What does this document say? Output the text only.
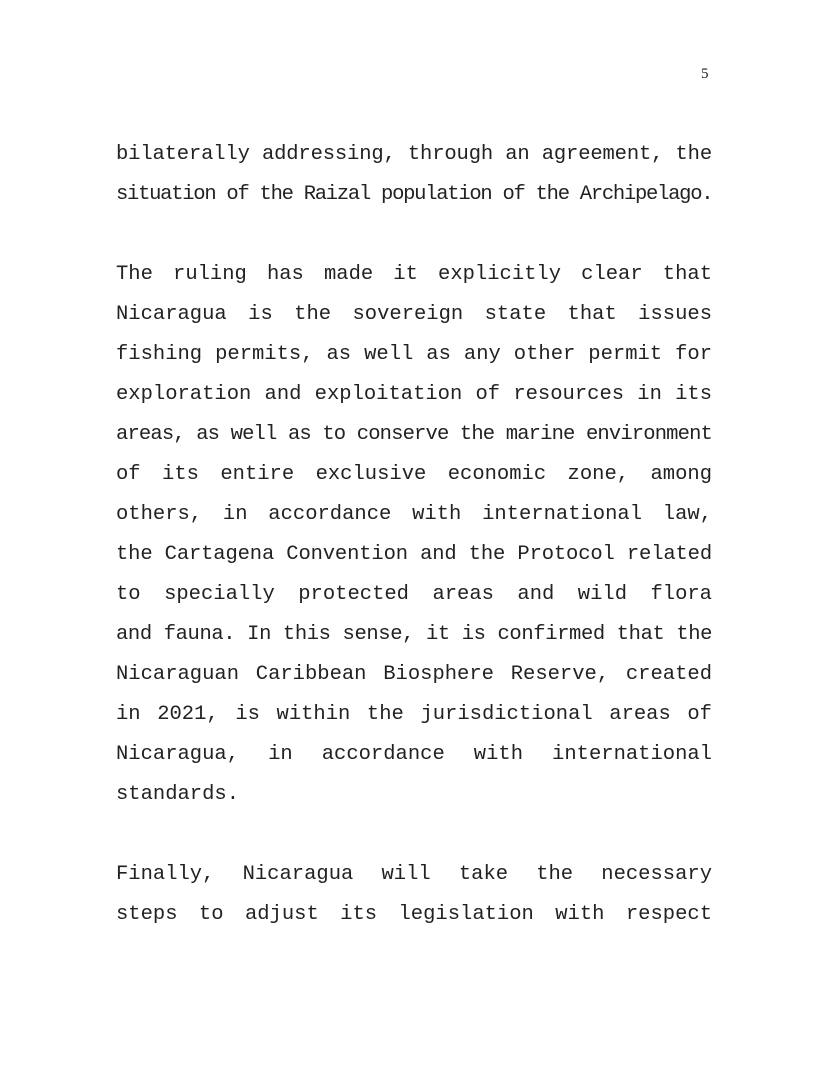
5
bilaterally addressing, through an agreement, the
situation of the Raizal population of the Archipelago.
The ruling has made it explicitly clear that
Nicaragua is the sovereign state that issues
fishing permits, as well as any other permit for
exploration and exploitation of resources in its
areas, as well as to conserve the marine environment
of its entire exclusive economic zone, among
others, in accordance with international law,
the Cartagena Convention and the Protocol related
to specially protected areas and wild flora
and fauna. In this sense, it is confirmed that the
Nicaraguan Caribbean Biosphere Reserve, created
in 2021, is within the jurisdictional areas of
Nicaragua, in accordance with international
standards.
Finally, Nicaragua will take the necessary
steps to adjust its legislation with respect
